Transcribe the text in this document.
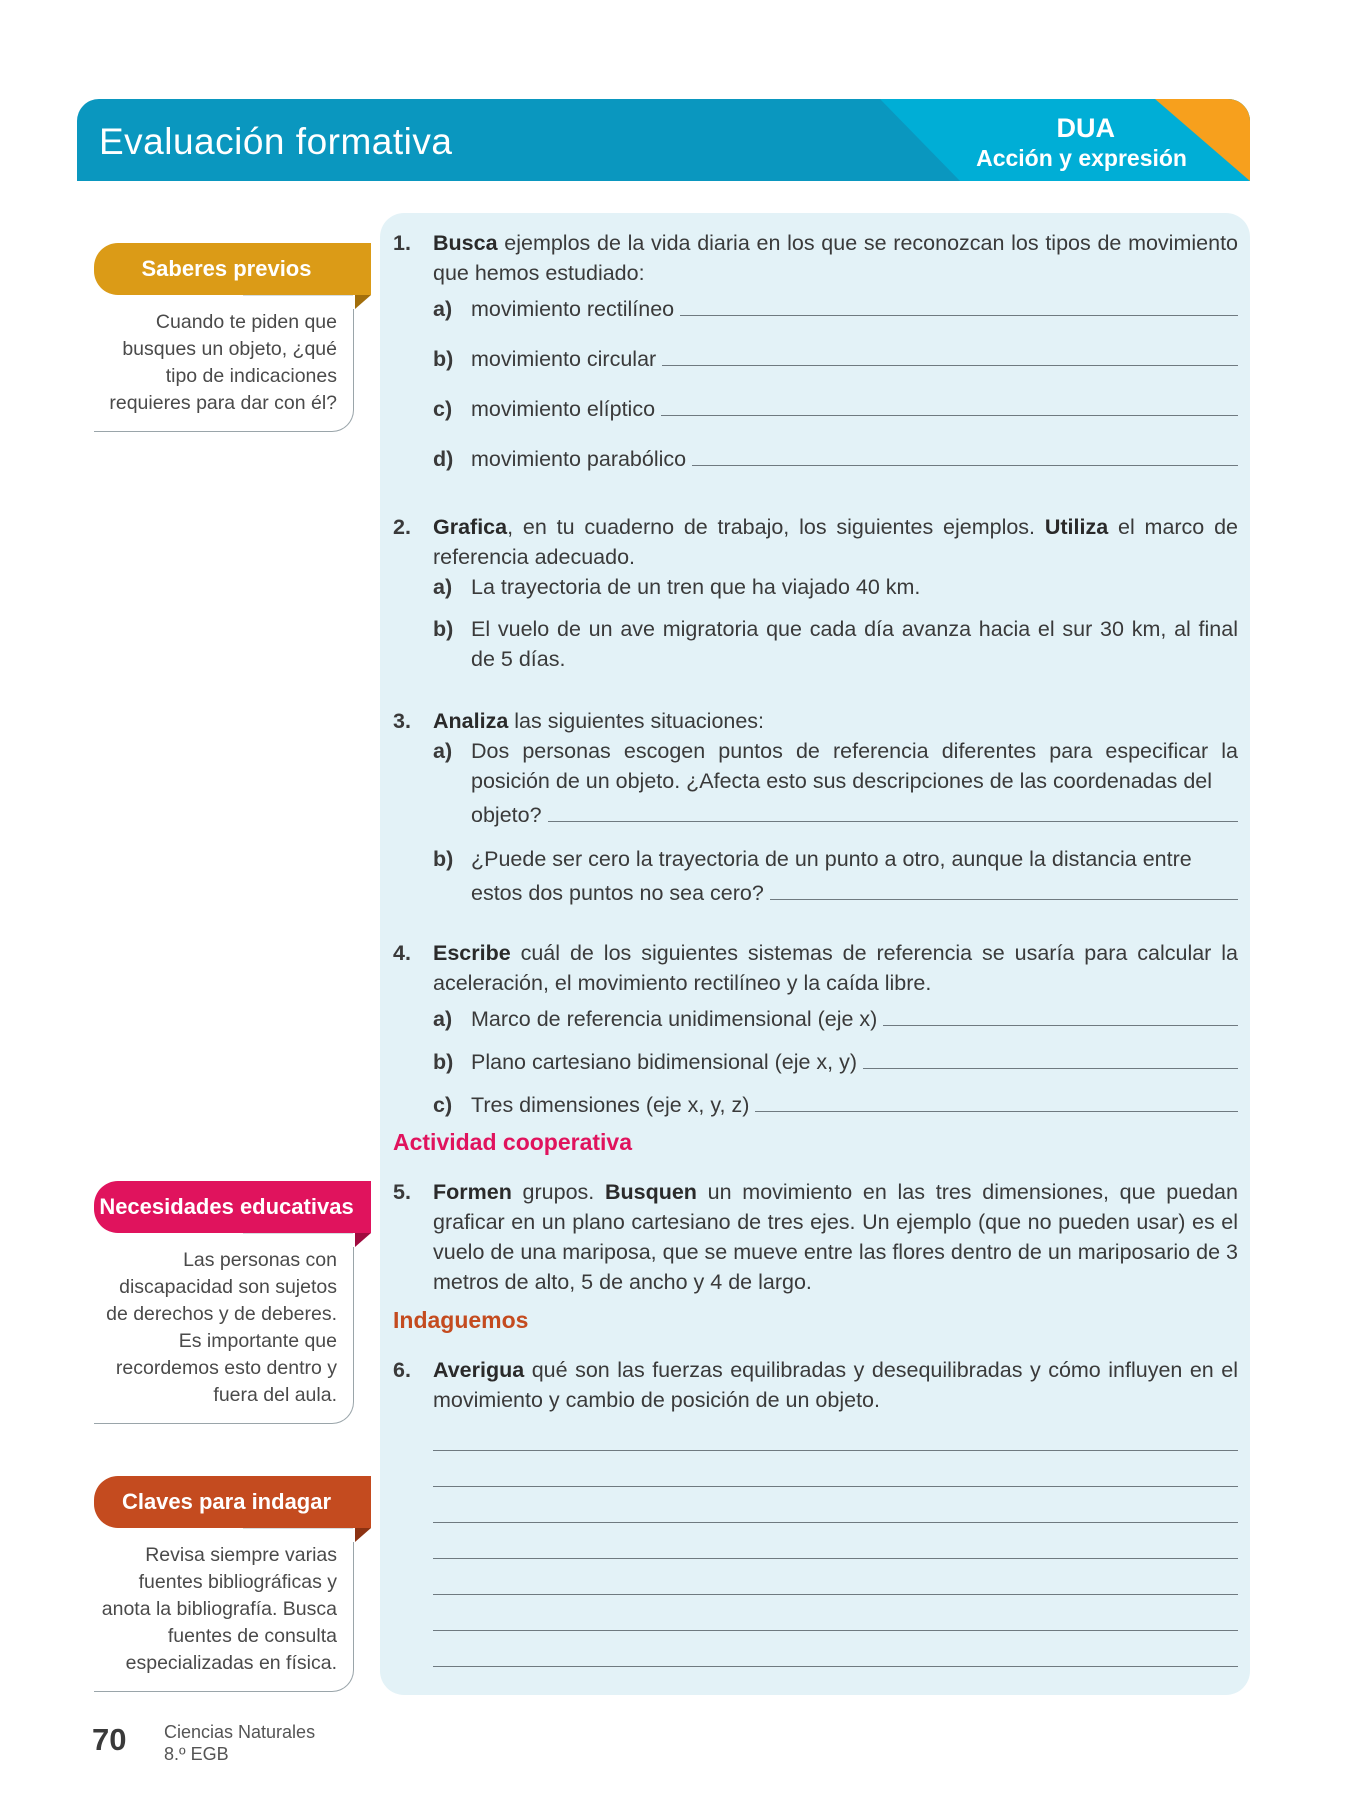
Evaluación formativa	DUA
Acción y expresión
Saberes previos
Cuando te piden que busques un objeto, ¿qué tipo de indicaciones requieres para dar con él?
Necesidades educativas
Las personas con discapacidad son sujetos de derechos y de deberes. Es importante que recordemos esto dentro y fuera del aula.
Claves para indagar
Revisa siempre varias fuentes bibliográficas y anota la bibliografía. Busca fuentes de consulta especializadas en física.
1. Busca ejemplos de la vida diaria en los que se reconozcan los tipos de movimiento que hemos estudiado:
a) movimiento rectilíneo
b) movimiento circular
c) movimiento elíptico
d) movimiento parabólico
2. Grafica, en tu cuaderno de trabajo, los siguientes ejemplos. Utiliza el marco de referencia adecuado.
a) La trayectoria de un tren que ha viajado 40 km.
b) El vuelo de un ave migratoria que cada día avanza hacia el sur 30 km, al final de 5 días.
3. Analiza las siguientes situaciones:
a) Dos personas escogen puntos de referencia diferentes para especificar la posición de un objeto. ¿Afecta esto sus descripciones de las coordenadas del
objeto?
b) ¿Puede ser cero la trayectoria de un punto a otro, aunque la distancia entre
estos dos puntos no sea cero?
4. Escribe cuál de los siguientes sistemas de referencia se usaría para calcular la aceleración, el movimiento rectilíneo y la caída libre.
a) Marco de referencia unidimensional (eje x)
b) Plano cartesiano bidimensional (eje x, y)
c) Tres dimensiones (eje x, y, z)
Actividad cooperativa
5. Formen grupos. Busquen un movimiento en las tres dimensiones, que puedan graficar en un plano cartesiano de tres ejes. Un ejemplo (que no pueden usar) es el vuelo de una mariposa, que se mueve entre las flores dentro de un mariposario de 3 metros de alto, 5 de ancho y 4 de largo.
Indaguemos
6. Averigua qué son las fuerzas equilibradas y desequilibradas y cómo influyen en el movimiento y cambio de posición de un objeto.
70 Ciencias Naturales
8.º EGB
